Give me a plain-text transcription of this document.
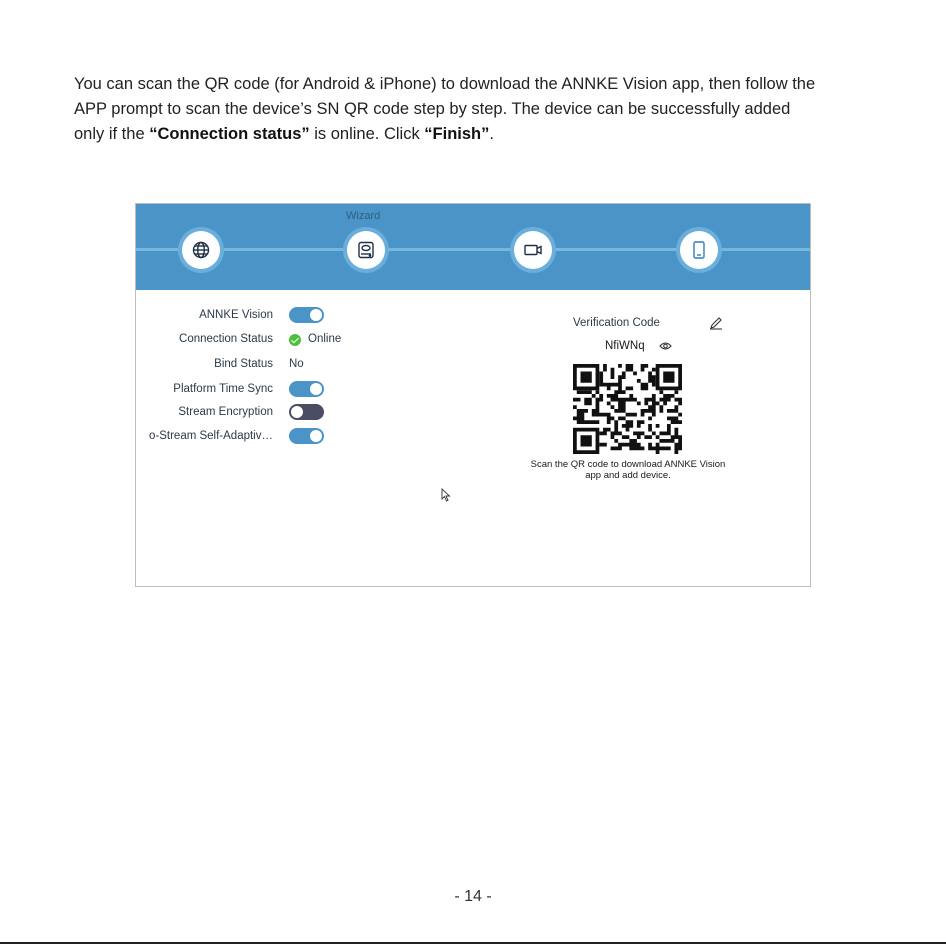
You can scan the QR code (for Android & iPhone) to download the ANNKE Vision app, then follow the
APP prompt to scan the device’s SN QR code step by step. The device can be successfully added
only if the “Connection status” is online. Click “Finish”.
Wizard
ANNKE Vision
Connection Status	Online
Bind Status No
Platform Time Sync
Stream Encryption
o-Stream Self-Adaptiv…
Verification Code
NfiWNq
Scan the QR code to download ANNKE Vision
app and add device.
- 14 -
